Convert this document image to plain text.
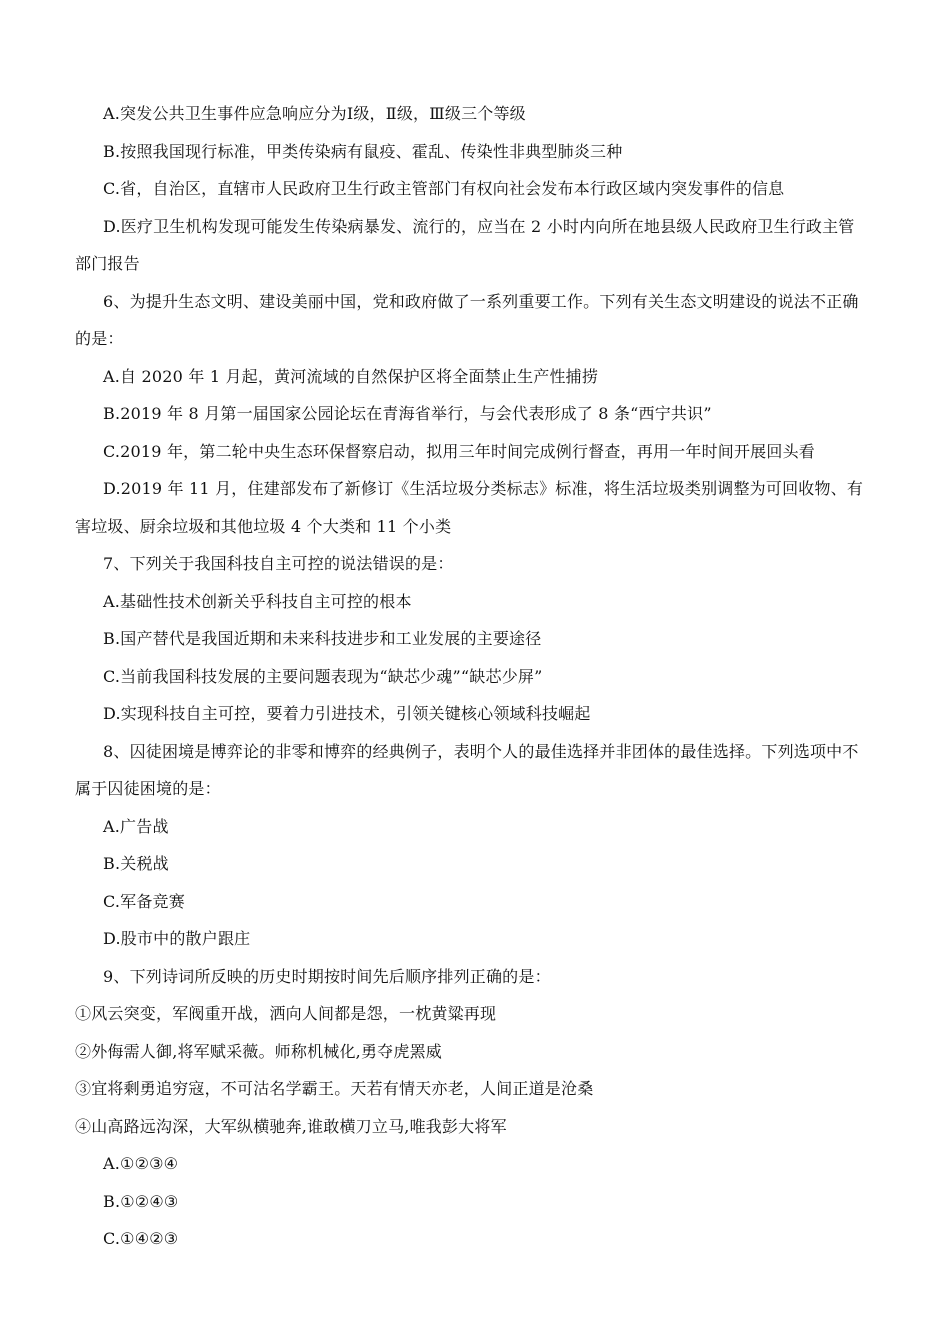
A.突发公共卫生事件应急响应分为Ⅰ级，Ⅱ级，Ⅲ级三个等级
B.按照我国现行标准，甲类传染病有鼠疫、霍乱、传染性非典型肺炎三种
C.省，自治区，直辖市人民政府卫生行政主管部门有权向社会发布本行政区域内突发事件的信息
D.医疗卫生机构发现可能发生传染病暴发、流行的，应当在 2 小时内向所在地县级人民政府卫生行政主管
部门报告
6、为提升生态文明、建设美丽中国，党和政府做了一系列重要工作。下列有关生态文明建设的说法不正确
的是：
A.自 2020 年 1 月起，黄河流域的自然保护区将全面禁止生产性捕捞
B.2019 年 8 月第一届国家公园论坛在青海省举行，与会代表形成了 8 条“西宁共识”
C.2019 年，第二轮中央生态环保督察启动，拟用三年时间完成例行督查，再用一年时间开展回头看
D.2019 年 11 月，住建部发布了新修订《生活垃圾分类标志》标准，将生活垃圾类别调整为可回收物、有
害垃圾、厨余垃圾和其他垃圾 4 个大类和 11 个小类
7、下列关于我国科技自主可控的说法错误的是：
A.基础性技术创新关乎科技自主可控的根本
B.国产替代是我国近期和未来科技进步和工业发展的主要途径
C.当前我国科技发展的主要问题表现为“缺芯少魂”“缺芯少屏”
D.实现科技自主可控，要着力引进技术，引领关键核心领域科技崛起
8、囚徒困境是博弈论的非零和博弈的经典例子，表明个人的最佳选择并非团体的最佳选择。下列选项中不
属于囚徒困境的是：
A.广告战
B.关税战
C.军备竞赛
D.股市中的散户跟庄
9、下列诗词所反映的历史时期按时间先后顺序排列正确的是：
①风云突变，军阀重开战，洒向人间都是怨，一枕黄粱再现
②外侮需人御,将军赋采薇。师称机械化,勇夺虎罴威
③宜将剩勇追穷寇，不可沽名学霸王。天若有情天亦老，人间正道是沧桑
④山高路远沟深，大军纵横驰奔,谁敢横刀立马,唯我彭大将军
A.①②③④
B.①②④③
C.①④②③
